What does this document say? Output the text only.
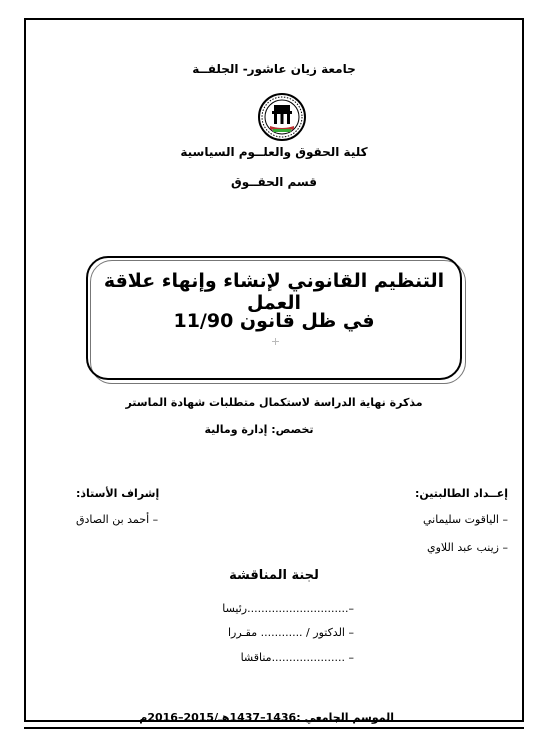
جامعة زيان عاشور- الجلفــة
كلية الحقوق والعلــوم السياسية
قسم الحقــوق
التنظيم القانوني لإنشاء وإنهاء علاقة العمل
في ظل قانون 11/90
مذكرة نهاية الدراسة لاستكمال متطلبات شهادة الماستر
تخصص: إدارة ومالية
إعــداد الطالبتين:
– الياقوت سليماني
– زينب عبد اللاوي
إشراف الأستاذ:
– أحمد بن الصادق
لجنة المناقشة
–.............................رئيسا
– الدكتور / ............ مقـررا
– .....................مناقشا
الموسم الجامعي :1436–1437هـ/2015–2016م
